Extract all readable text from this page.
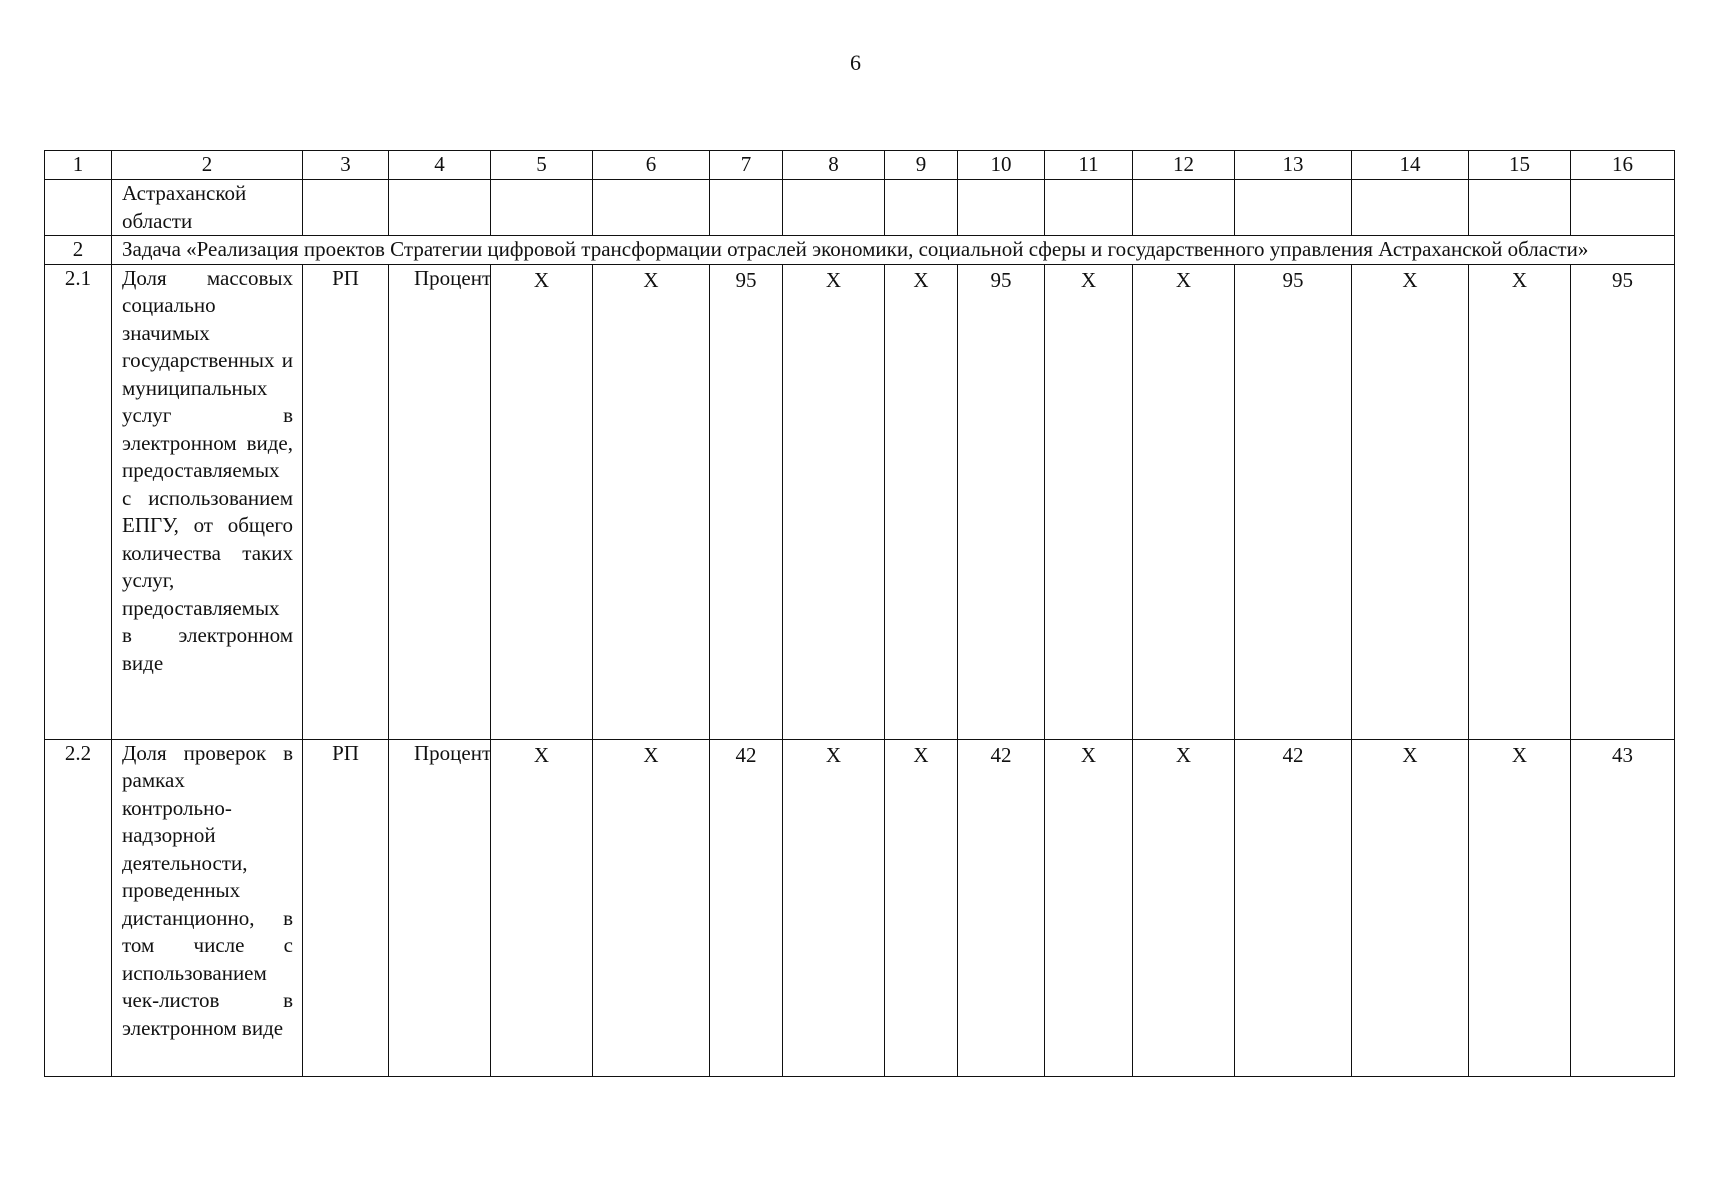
6
1	2	3	4	5	6	7	8	9	10	11	12	13	14	15	16
	Астраханской области														
2	Задача «Реализация проектов Стратегии цифровой трансформации отраслей экономики, социальной сферы и государственного управления Астраханской области»														
2.1	Доля массовых социально значимых государственных и муниципальных услуг в электронном виде, предоставляемых с использованием ЕПГУ, от общего количества таких услуг, предоставляемых в электронном виде	РП	Процент	X	X	95	X	X	95	X	X	95	X	X	95
2.2	Доля проверок в рамках контрольно-надзорной деятельности, проведенных дистанционно, в том числе с использованием чек-листов в электронном виде	РП	Процент	X	X	42	X	X	42	X	X	42	X	X	43
